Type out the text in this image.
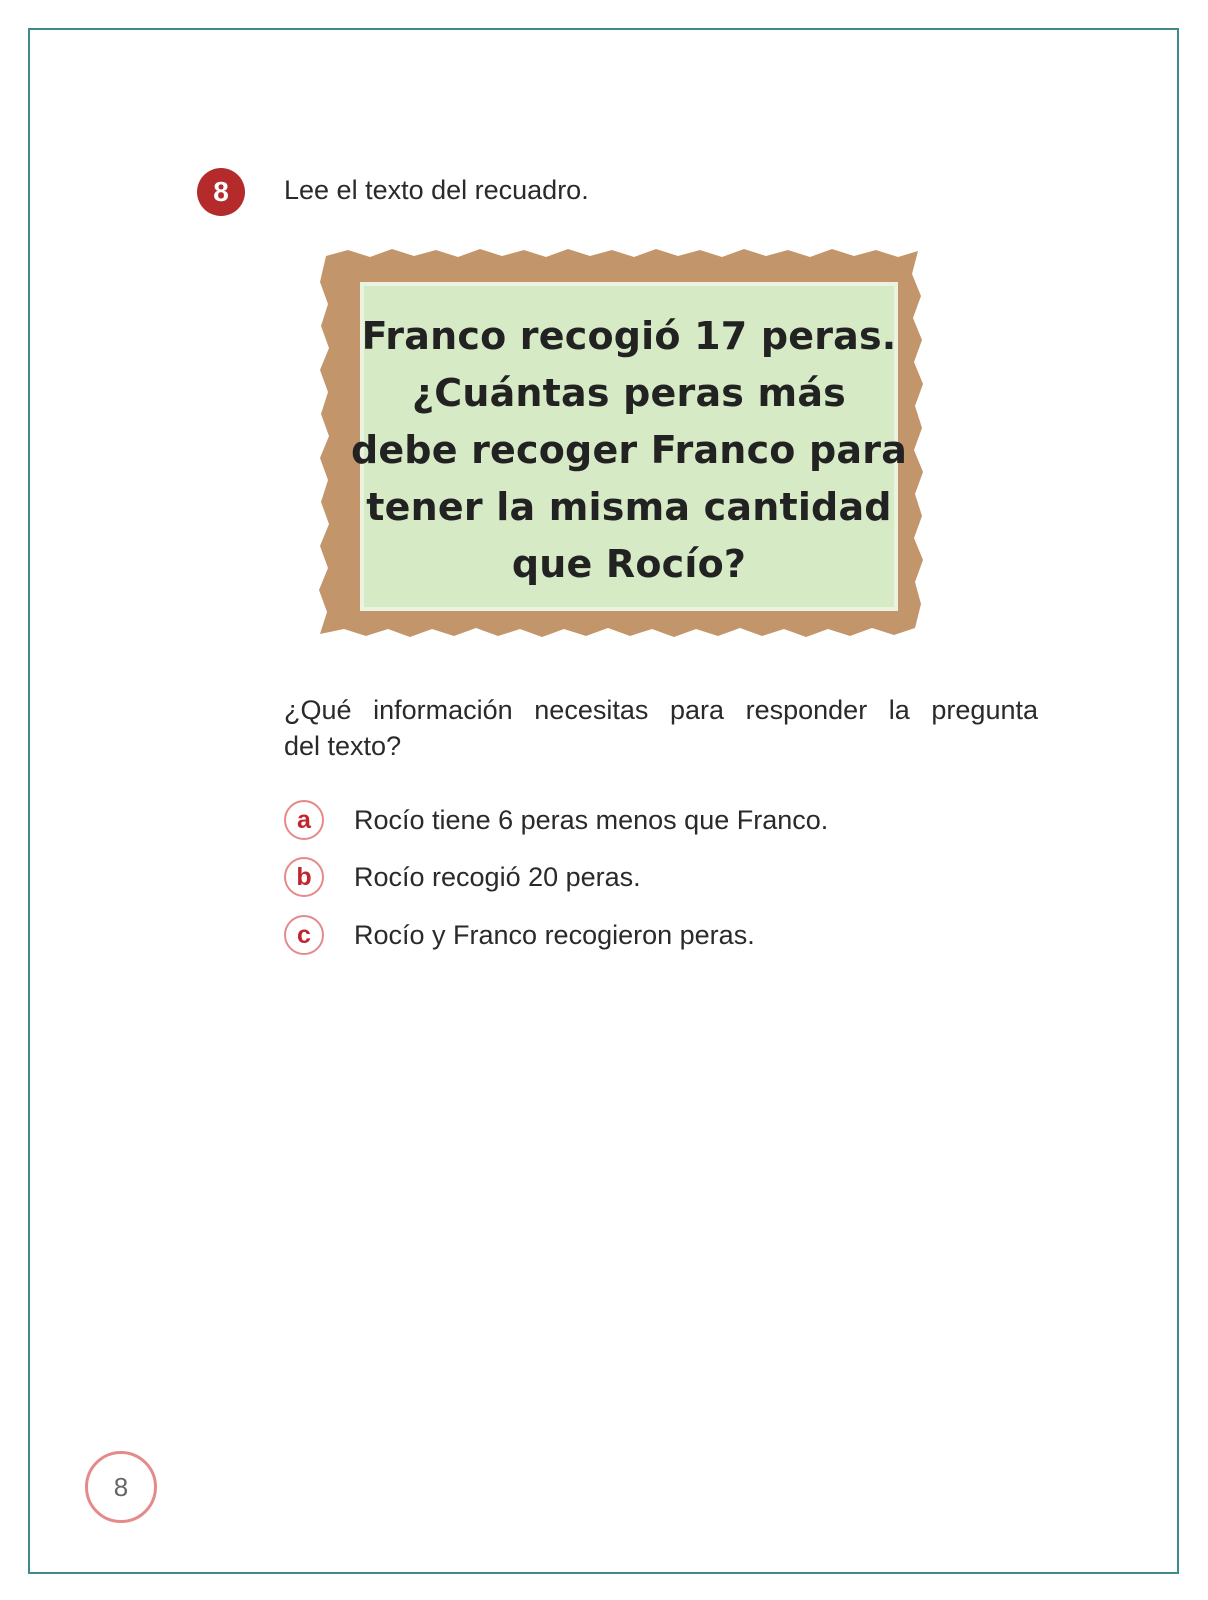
8	Lee el texto del recuadro.
Franco recogió 17 peras.
¿Cuántas peras más
debe recoger Franco para
tener la misma cantidad
que Rocío?
¿Qué información necesitas para responder la pregunta
del texto?
a	Rocío tiene 6 peras menos que Franco.
b	Rocío recogió 20 peras.
c	Rocío y Franco recogieron peras.
8
